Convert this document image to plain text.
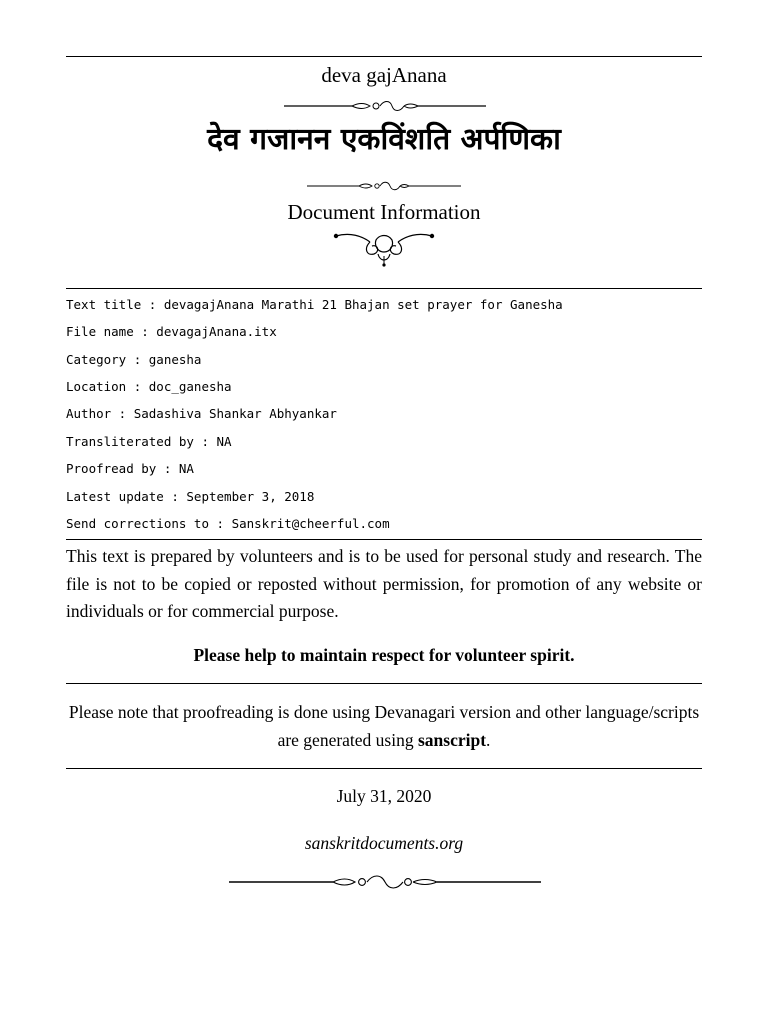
deva gajAnana
देव गजानन एकविंशति अर्पणिका
Document Information
Text title : devagajAnana Marathi 21 Bhajan set prayer for Ganesha
File name : devagajAnana.itx
Category : ganesha
Location : doc_ganesha
Author : Sadashiva Shankar Abhyankar
Transliterated by : NA
Proofread by : NA
Latest update : September 3, 2018
Send corrections to : Sanskrit@cheerful.com
This text is prepared by volunteers and is to be used for personal study and research. The file is not to be copied or reposted without permission, for promotion of any website or individuals or for commercial purpose.
Please help to maintain respect for volunteer spirit.
Please note that proofreading is done using Devanagari version and other language/scripts are generated using sanscript.
July 31, 2020
sanskritdocuments.org
